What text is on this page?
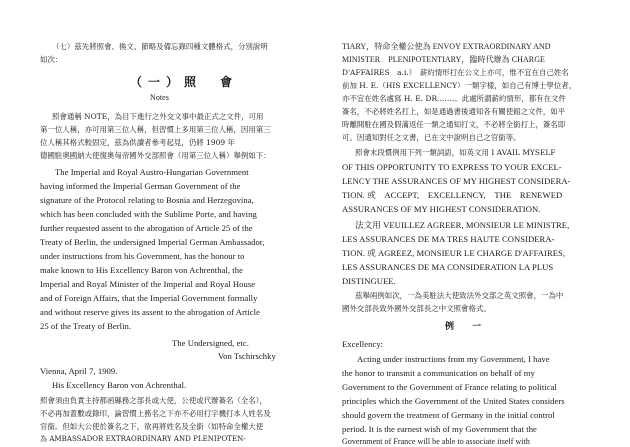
（七）茲先將照會、換文、節略及備忘錄四種文體格式，分別說明
如次：
（一）照　會
Notes
照會通稱 NOTE，為目下進行之外交文事中最正式之文件，可用
第一位人稱，亦可用第三位人稱，但習慣上多用第三位人稱，因用第三
位人稱其格式較固定，茲為供讀者參考起見，仍將 1909 年
德國駐奧國納大使復奧匈帝國外交部照會（用第三位人稱）舉例如下：
The Imperial and Royal Austro-Hungarian Government
having informed the Imperial German Government of the
signature of the Protocol relating to Bosnia and Herzegovina,
which has been concluded with the Sublime Porte, and having
further requested assent to the abrogation of Article 25 of the
Treaty of Berlin, the undersigned Imperial German Ambassador,
under instructions from his Government, has the honour to
make known to His Excellency Baron von Achrenthal, the
Imperial and Royal Minister of the Imperial and Royal House
and of Foreign Affairs, that the Imperial Government formally
and without reserve gives its assent to the abrogation of Article
25 of the Treaty of Berlin.
The Undersigned, etc.
Von Tschirschky
Vienna, April 7, 1909.
His Excellency Baron von Achrenthal.
照會須由負責主持都函縣務之部長或大使，公使或代辦簽名（全名），
不必再加蓋數或錄印，論習慣上務名之下亦不必用打字機打本人姓名及
官銜。但如大公使於簽名之下，欲再將姓名及全銜（如特命全權大使
為 AMBASSADOR EXTRAORDINARY AND PLENIPOTEN-
TIARY，特命全權公使為 ENVOY EXTRAORDINARY AND
MINISTER　PLENIPOTENTIARY，臨時代辦為 CHARGE
D'AFFAIRES　a.i.）　薪約情形打在公文上亦可，惟不宜在自己姓名
前加 H. E.（HIS EXCELLENCY）一類字樣，如自己有博士學位者，
亦不宜在姓名處寫 H. E. DR.……。此處所謂薪約情形，都有在文件
簽名，不必將姓名打上，如是通過書後通知各有關使館之文件，如平
時離開駐在國及假滿返任一類之通知打文，不必將全銜打上，簽名即
可。因通知對任之文書，已在文中說明自己之官銜等。
照會末段慣例用下列一類詞語，如英文用 I AVAIL MYSELF
OF THIS OPPORTUNITY TO EXPRESS TO YOUR EXCEL-
LENCY THE ASSURANCES OF MY HIGHEST CONSIDERA-
TION. 或　ACCEPT,　EXCELLENCY,　THE　RENEWED
ASSURANCES OF MY HIGHEST CONSIDERATION.
法文用 VEUILLEZ AGREER, MONSIEUR LE MINISTRE,
LES ASSURANCES DE MA TRES HAUTE CONSIDERA-
TION. 或 AGREEZ, MONSIEUR LE CHARGE D'AFFAIRES,
LES ASSURANCES DE MA CONSIDERATION LA PLUS
DISTINGUEE.
茲舉兩例如次，一為美駐法大使致法外交部之英文照會，一為中
國外交部長致外國外交部長之中文照會格式。
例　　一
Excellency:
Acting under instructions from my Government, I have
the honor to transmit a communication on behalf of my
Government to the Government of France relating to political
principles which the Government of the United States considers
should govern the treatment of Germany in the initial control
period. It is the earnest wish of my Government that the
Government of France will be able to associate itself with
